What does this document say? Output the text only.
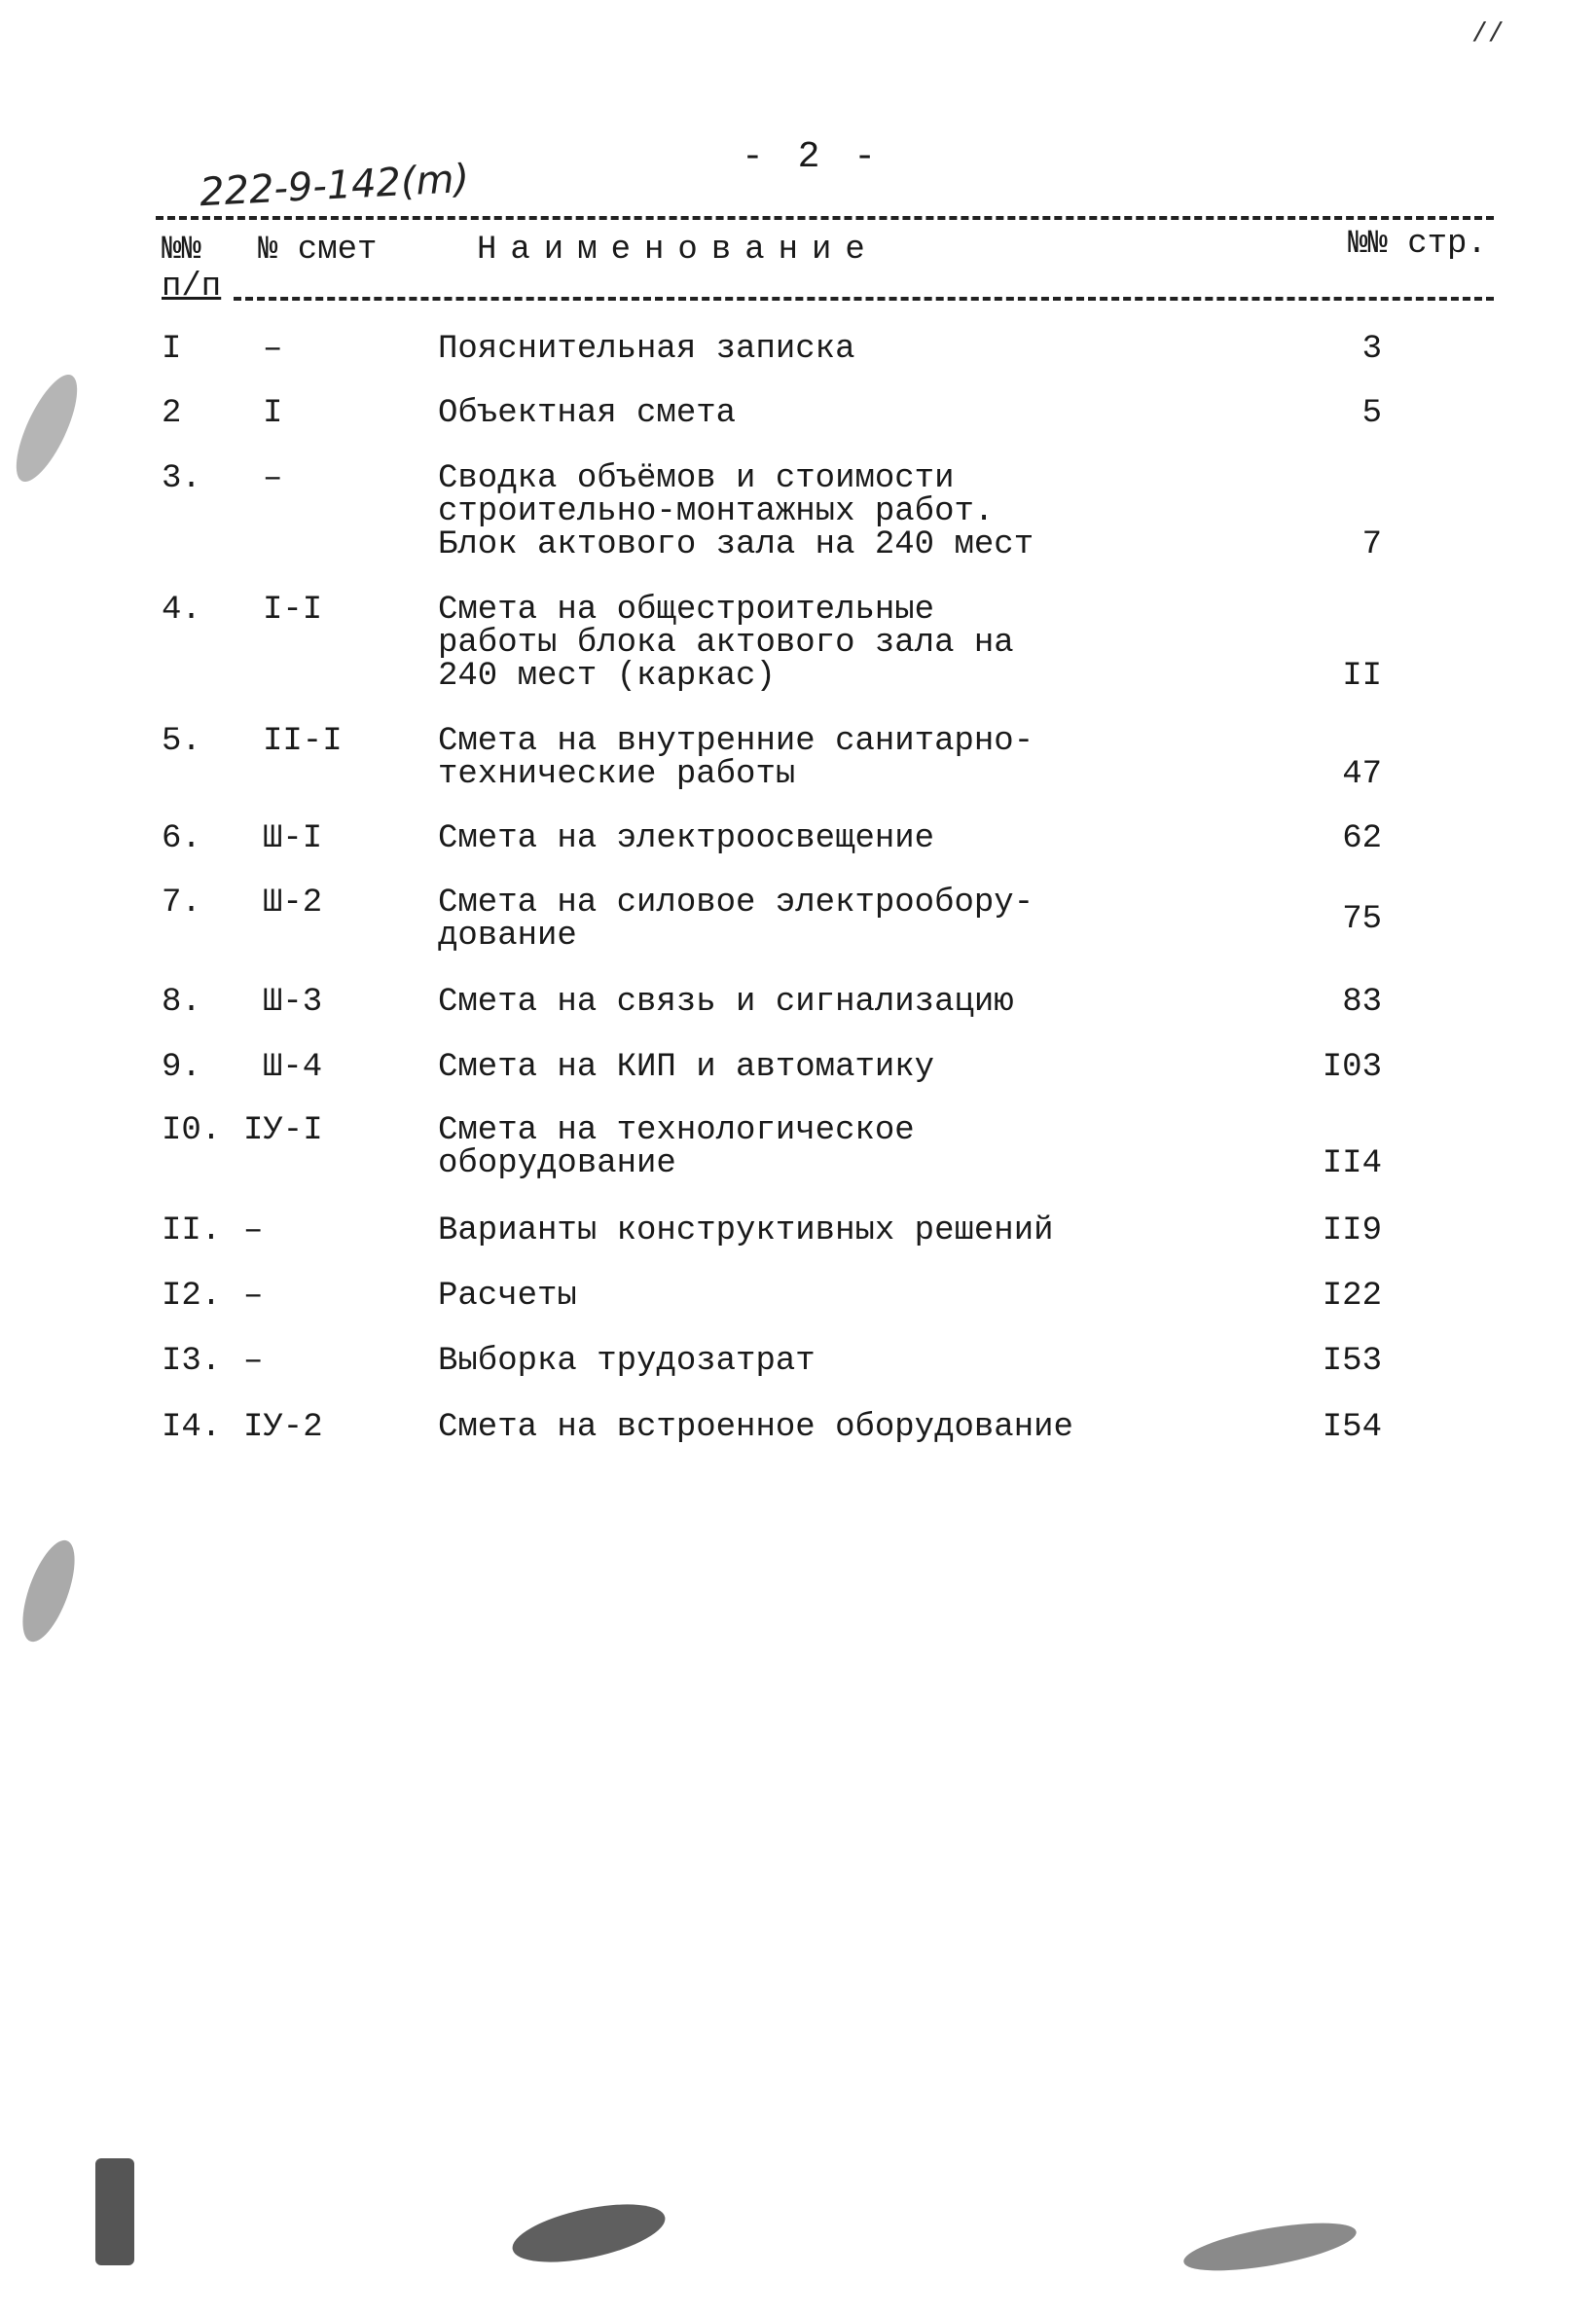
//
- 2 -
222-9-142(m)
№№
п/п
№ смет	Наименование	№№ стр.
I –	Пояснительная записка	3
2 I	Объектная смета	5
3. –	Сводка объёмов и стоимости
строительно-монтажных работ.
Блок актового зала на 240 мест	7
4. I-I	Смета на общестроительные
работы блока актового зала на
240 мест (каркас)	II
5. II-I	Смета на внутренние санитарно-
технические работы	47
6. Ш-I	Смета на электроосвещение	62
7. Ш-2	Смета на силовое электрообору-
дование	75
8. Ш-3	Смета на связь и сигнализацию	83
9. Ш-4	Смета на КИП и автоматику	I03
I0. IУ-I	Смета на технологическое
оборудование	II4
II. –	Варианты конструктивных решений	II9
I2. –	Расчеты	I22
I3. –	Выборка трудозатрат	I53
I4. IУ-2	Смета на встроенное оборудование	I54
